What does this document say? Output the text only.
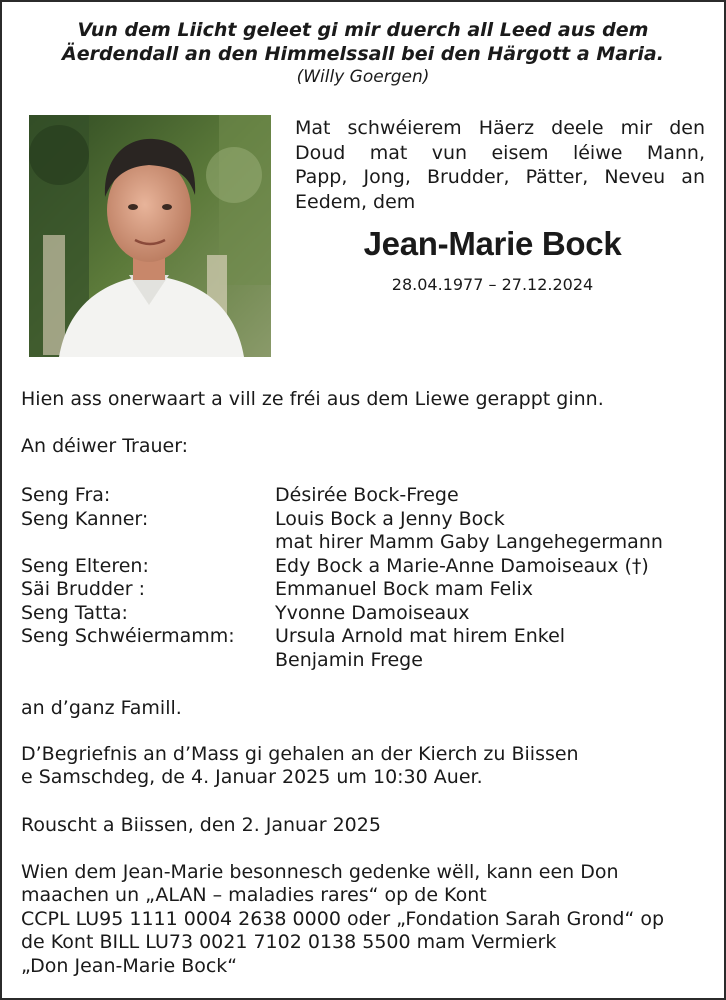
Vun dem Liicht geleet gi mir duerch all Leed aus dem
Äerdendall an den Himmelssall bei den Härgott a Maria.
(Willy Goergen)
Mat schwéierem Häerz deele mir den
Doud mat vun eisem léiwe Mann,
Papp, Jong, Brudder, Pätter, Neveu an
Eedem, dem
Jean-Marie Bock
28.04.1977 – 27.12.2024
Hien ass onerwaart a vill ze fréi aus dem Liewe gerappt ginn.
An déiwer Trauer:
Seng Fra:	Désirée Bock-Frege
Seng Kanner:	Louis Bock a Jenny Bock
mat hirer Mamm Gaby Langehegermann
Seng Elteren:	Edy Bock a Marie-Anne Damoiseaux (†)
Säi Brudder :	Emmanuel Bock mam Felix
Seng Tatta:	Yvonne Damoiseaux
Seng Schwéiermamm: Ursula Arnold mat hirem Enkel
Benjamin Frege
an d’ganz Famill.
D’Begriefnis an d’Mass gi gehalen an der Kierch zu Biissen
e Samschdeg, de 4. Januar 2025 um 10:30 Auer.
Rouscht a Biissen, den 2. Januar 2025
Wien dem Jean-Marie besonnesch gedenke wëll, kann een Don
maachen un „ALAN – maladies rares“ op de Kont
CCPL LU95 1111 0004 2638 0000 oder „Fondation Sarah Grond“ op
de Kont BILL LU73 0021 7102 0138 5500 mam Vermierk
„Don Jean-Marie Bock“
